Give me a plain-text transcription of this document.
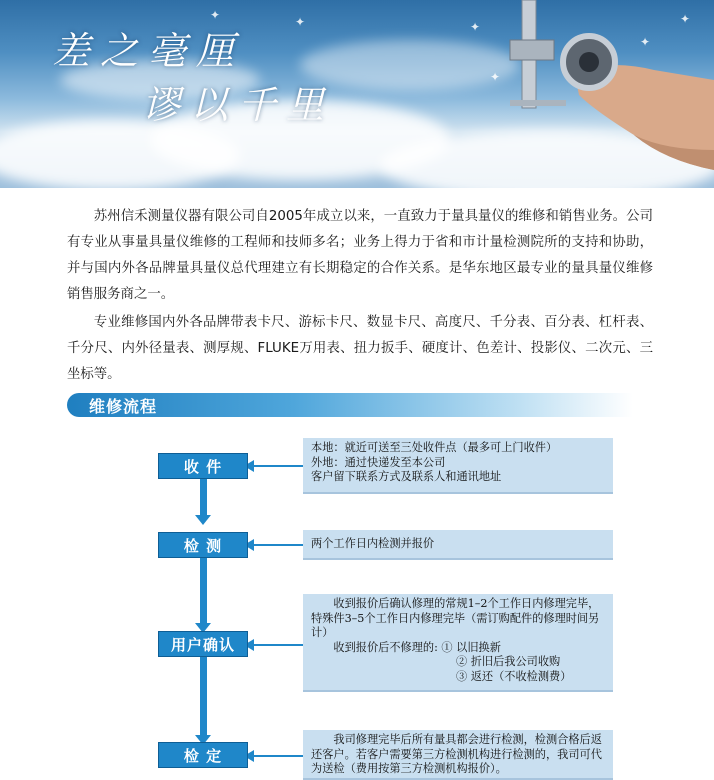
✦	✦	✦
✦
✦
✦
差之毫厘
谬以千里

苏州信禾测量仪器有限公司自2005年成立以来，一直致力于量具量仪的维修和销售业务。公司有专业从事量具量仪维修的工程师和技师多名；业务上得力于省和市计量检测院所的支持和协助，并与国内外各品牌量具量仪总代理建立有长期稳定的合作关系。是华东地区最专业的量具量仪维修销售服务商之一。

专业维修国内外各品牌带表卡尺、游标卡尺、数显卡尺、高度尺、千分表、百分表、杠杆表、千分尺、内外径量表、测厚规、FLUKE万用表、扭力扳手、硬度计、色差计、投影仪、二次元、三坐标等。

维修流程
收 件
检 测
用户确认
检 定

本地：就近可送至三处收件点（最多可上门收件）

外地：通过快递发至本公司

客户留下联系方式及联系人和通讯地址

两个工作日内检测并报价

收到报价后确认修理的常规1–2个工作日内修理完毕，特殊件3–5个工作日内修理完毕（需订购配件的修理时间另计）

收到报价后不修理的: ① 以旧换新

② 折旧后我公司收购

③ 返还（不收检测费）

我司修理完毕后所有量具都会进行检测，检测合格后返还客户。若客户需要第三方检测机构进行检测的，我司可代为送检（费用按第三方检测机构报价）。
